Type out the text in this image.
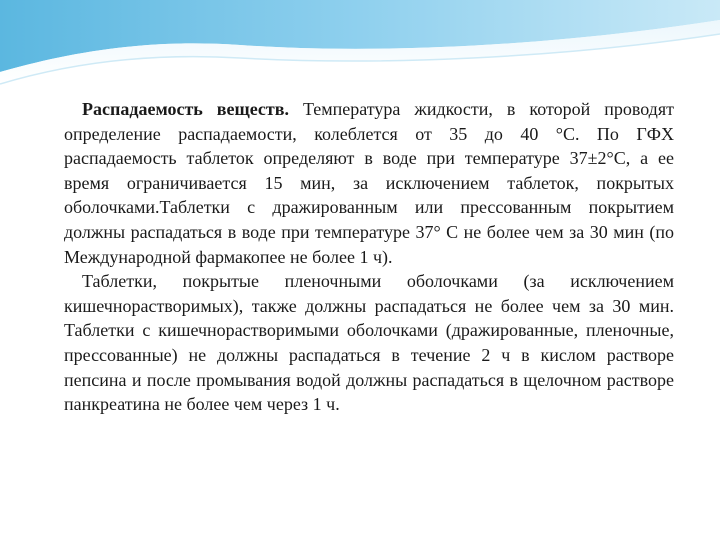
Распадаемость веществ. Температура жидкости, в которой проводят определение распадаемости, колеблется от 35 до 40 °С. По ГФХ распадаемость таблеток определяют в воде при температуре 37±2°С, а ее время ограничивается 15 мин, за исключением таблеток, покрытых оболочками.Таблетки с дражированным или прессованным покрытием должны распадаться в воде при температуре 37° С не более чем за 30 мин (по Международной фармакопее не более 1 ч).

Таблетки, покрытые пленочными оболочками (за исключением кишечнорастворимых), также должны распадаться не более чем за 30 мин. Таблетки с кишечнорастворимыми оболочками (дражированные, пленочные, прессованные) не должны распадаться в течение 2 ч в кислом растворе пепсина и после промывания водой должны распадаться в щелочном растворе панкреатина не более чем через 1 ч.
